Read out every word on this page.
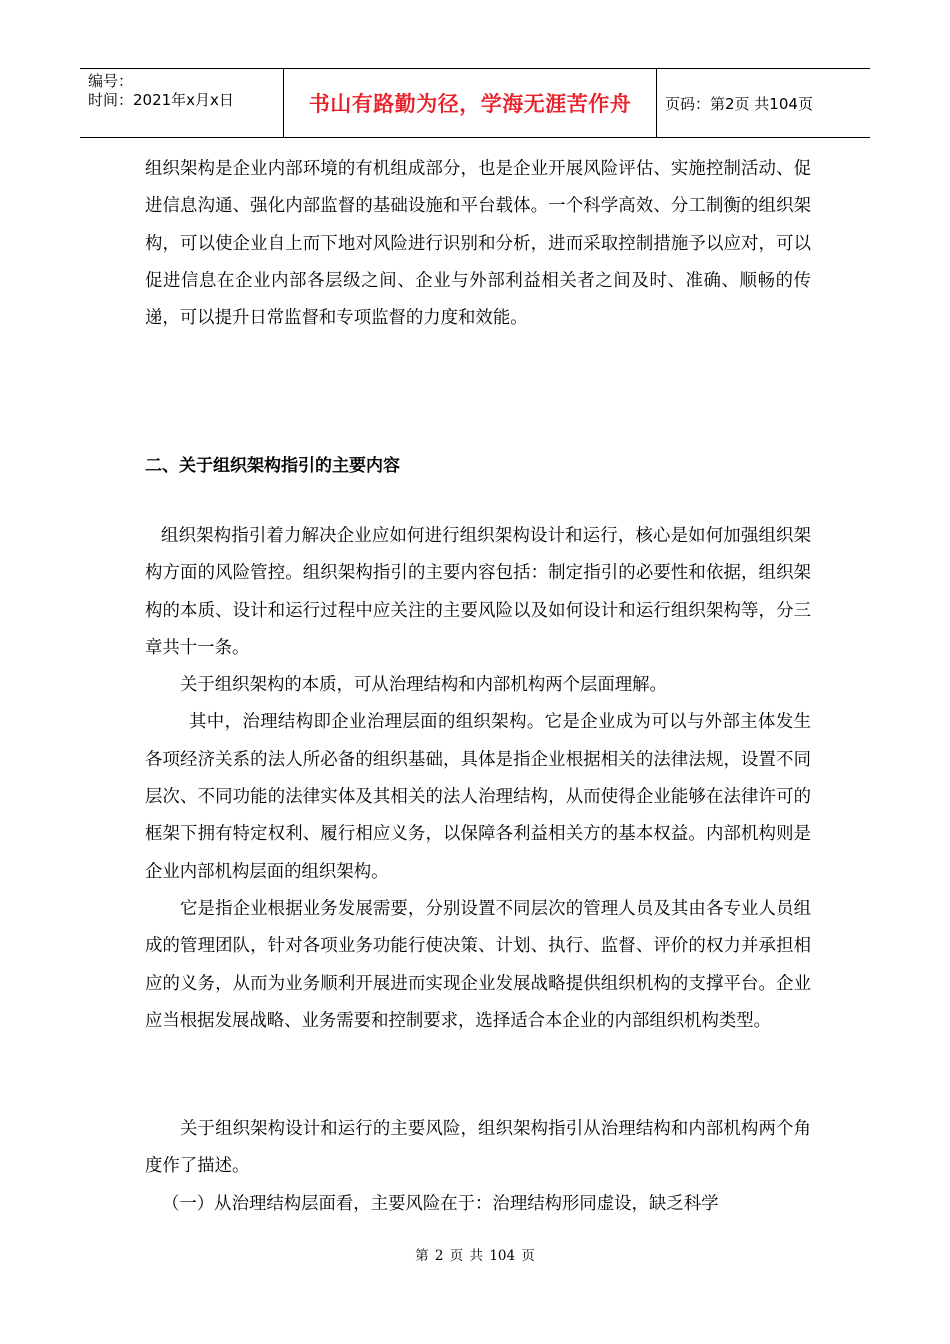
编号：
时间：2021年x月x日	书山有路勤为径，学海无涯苦作舟 页码：第2页 共104页

组织架构是企业内部环境的有机组成部分，也是企业开展风险评估、实施控制活动、促进信息沟通、强化内部监督的基础设施和平台载体。一个科学高效、分工制衡的组织架构，可以使企业自上而下地对风险进行识别和分析，进而采取控制措施予以应对，可以促进信息在企业内部各层级之间、企业与外部利益相关者之间及时、准确、顺畅的传递，可以提升日常监督和专项监督的力度和效能。

二、关于组织架构指引的主要内容

组织架构指引着力解决企业应如何进行组织架构设计和运行，核心是如何加强组织架构方面的风险管控。组织架构指引的主要内容包括：制定指引的必要性和依据，组织架构的本质、设计和运行过程中应关注的主要风险以及如何设计和运行组织架构等，分三章共十一条。

关于组织架构的本质，可从治理结构和内部机构两个层面理解。

其中，治理结构即企业治理层面的组织架构。它是企业成为可以与外部主体发生各项经济关系的法人所必备的组织基础，具体是指企业根据相关的法律法规，设置不同层次、不同功能的法律实体及其相关的法人治理结构，从而使得企业能够在法律许可的框架下拥有特定权利、履行相应义务，以保障各利益相关方的基本权益。内部机构则是企业内部机构层面的组织架构。

它是指企业根据业务发展需要，分别设置不同层次的管理人员及其由各专业人员组成的管理团队，针对各项业务功能行使决策、计划、执行、监督、评价的权力并承担相应的义务，从而为业务顺利开展进而实现企业发展战略提供组织机构的支撑平台。企业应当根据发展战略、业务需要和控制要求，选择适合本企业的内部组织机构类型。

关于组织架构设计和运行的主要风险，组织架构指引从治理结构和内部机构两个角度作了描述。

（一）从治理结构层面看，主要风险在于：治理结构形同虚设，缺乏科学

第 2 页 共 104 页
